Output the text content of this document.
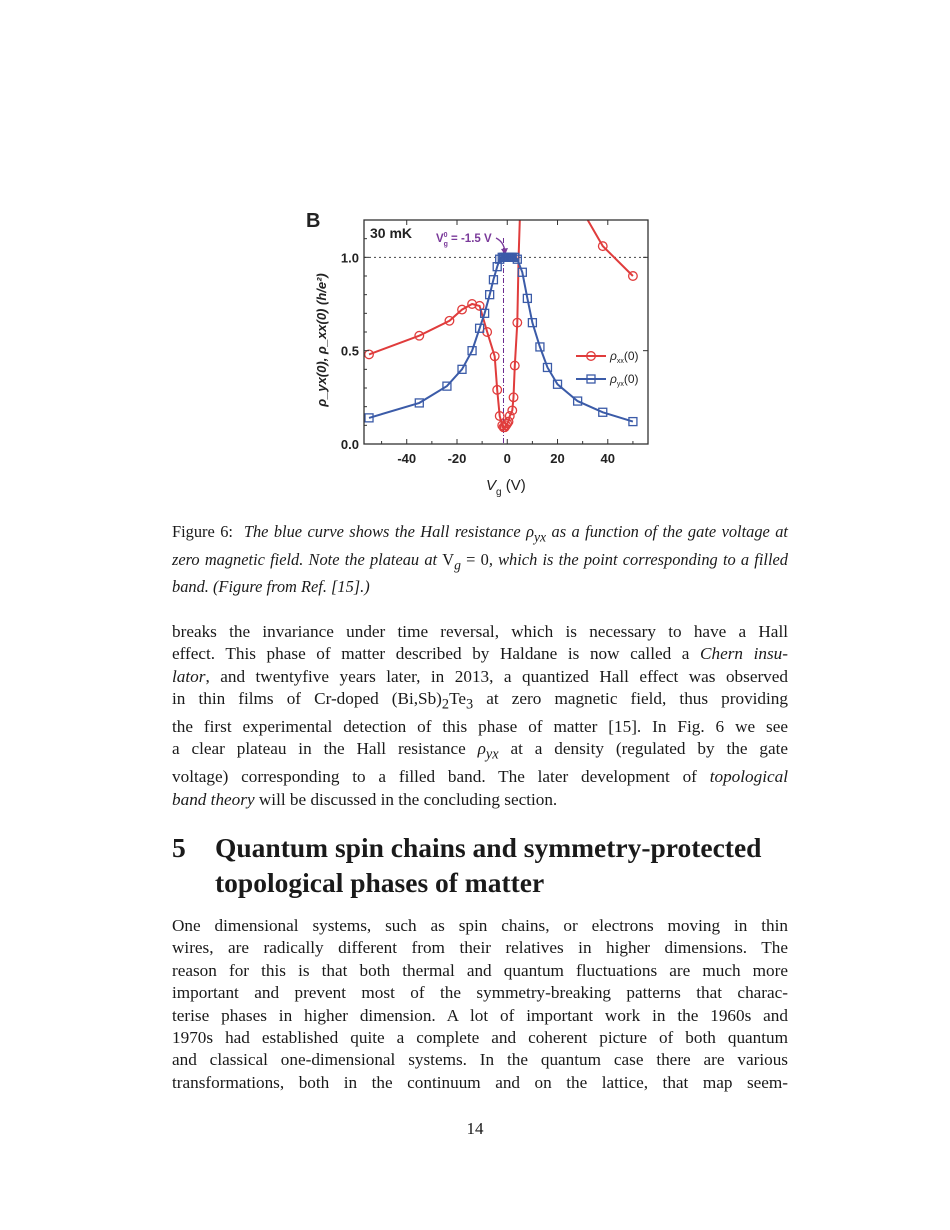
B
30 mK $V^0$ g = -1.5 V
-40 -20	0	20	40
0.0
0.5
1.0
$V_g$ (V)
ρ_yx(0), ρ_xx(0) (h/e²)	$\rho_{xx}(0)$
$\rho_{yx}(0)$
Figure 6: The blue curve shows the Hall resistance $\rho_{yx}$ as a function of the gate voltage at zero magnetic field. Note the plateau at $V_g = 0$, which is the point corresponding to a filled band. (Figure from Ref. [15].)
breaks the invariance under time reversal, which is necessary to have a Hall
effect. This phase of matter described by Haldane is now called a Chern insu-
lator, and twentyfive years later, in 2013, a quantized Hall effect was observed
in thin films of Cr-doped $(Bi,Sb)_2Te_3$ at zero magnetic field, thus providing
the first experimental detection of this phase of matter [15]. In Fig. 6 we see
a clear plateau in the Hall resistance $\rho_{yx}$ at a density (regulated by the gate
voltage) corresponding to a filled band. The later development of topological
band theory will be discussed in the concluding section.
5 Quantum spin chains and symmetry-protected
topological phases of matter
One dimensional systems, such as spin chains, or electrons moving in thin
wires, are radically different from their relatives in higher dimensions. The
reason for this is that both thermal and quantum fluctuations are much more
important and prevent most of the symmetry-breaking patterns that charac-
terise phases in higher dimension. A lot of important work in the 1960s and
1970s had established quite a complete and coherent picture of both quantum
and classical one-dimensional systems. In the quantum case there are various
transformations, both in the continuum and on the lattice, that map seem-
14
